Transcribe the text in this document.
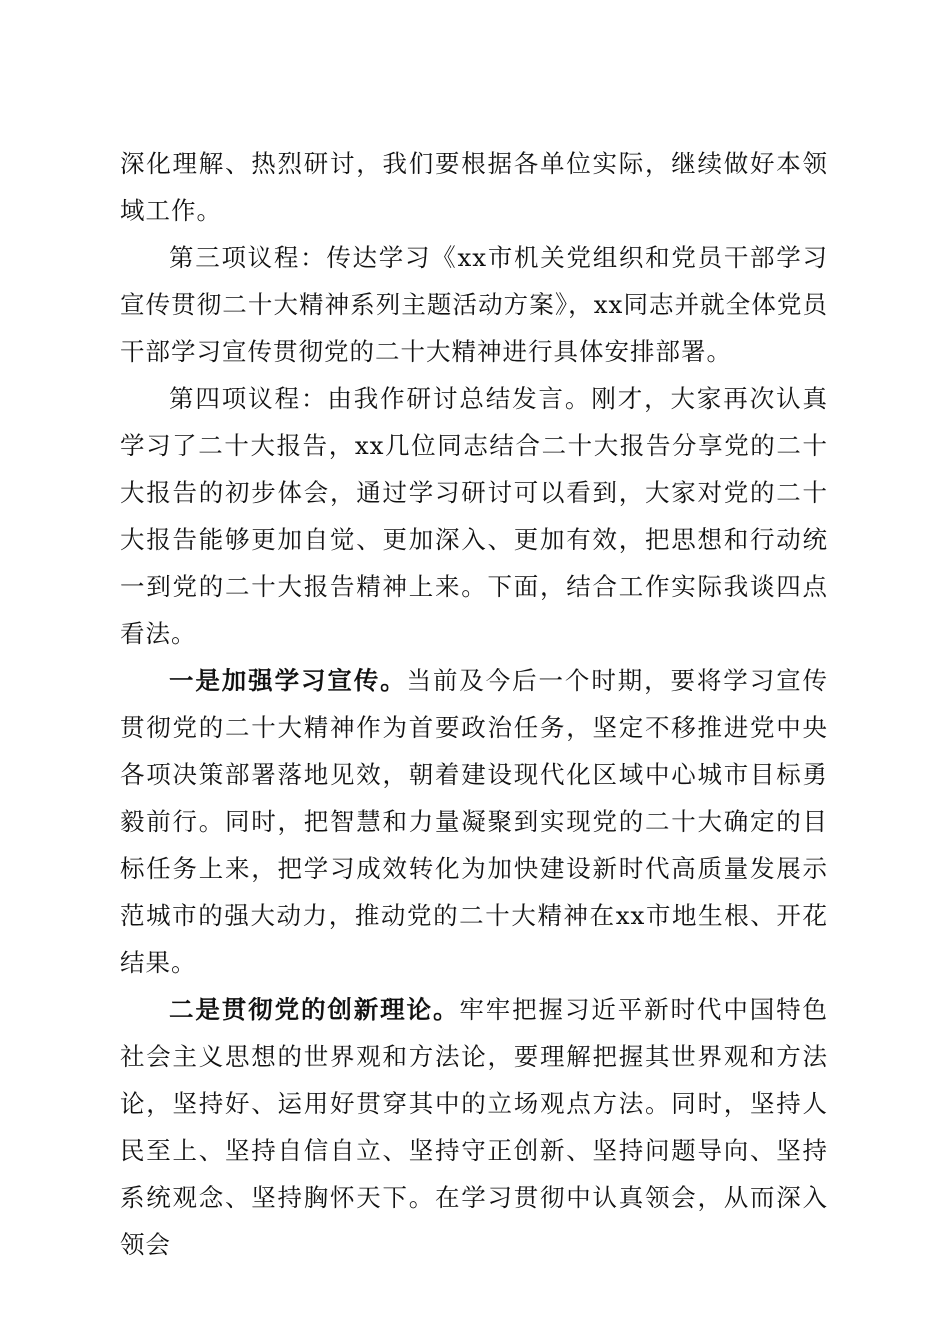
深化理解、热烈研讨，我们要根据各单位实际，继续做好本领域工作。

第三项议程：传达学习《xx市机关党组织和党员干部学习宣传贯彻二十大精神系列主题活动方案》，xx同志并就全体党员干部学习宣传贯彻党的二十大精神进行具体安排部署。

第四项议程：由我作研讨总结发言。刚才，大家再次认真学习了二十大报告，xx几位同志结合二十大报告分享党的二十大报告的初步体会，通过学习研讨可以看到，大家对党的二十大报告能够更加自觉、更加深入、更加有效，把思想和行动统一到党的二十大报告精神上来。下面，结合工作实际我谈四点看法。

一是加强学习宣传。当前及今后一个时期，要将学习宣传贯彻党的二十大精神作为首要政治任务，坚定不移推进党中央各项决策部署落地见效，朝着建设现代化区域中心城市目标勇毅前行。同时，把智慧和力量凝聚到实现党的二十大确定的目标任务上来，把学习成效转化为加快建设新时代高质量发展示范城市的强大动力，推动党的二十大精神在xx市地生根、开花结果。

二是贯彻党的创新理论。牢牢把握习近平新时代中国特色社会主义思想的世界观和方法论，要理解把握其世界观和方法论，坚持好、运用好贯穿其中的立场观点方法。同时，坚持人民至上、坚持自信自立、坚持守正创新、坚持问题导向、坚持系统观念、坚持胸怀天下。在学习贯彻中认真领会，从而深入领会
